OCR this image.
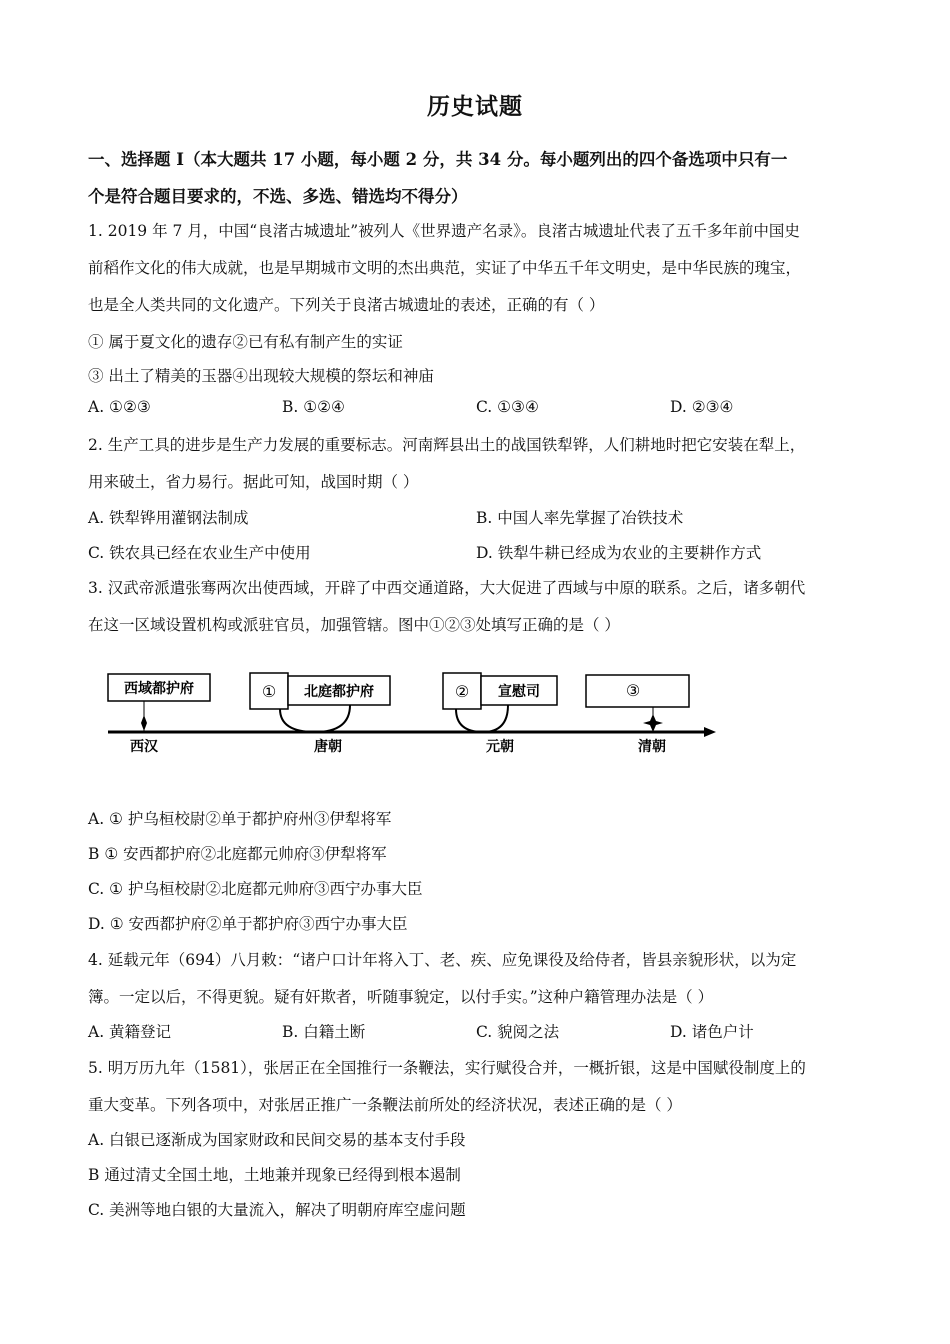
历史试题
一、选择题 I（本大题共 17 小题，每小题 2 分，共 34 分。每小题列出的四个备选项中只有一
个是符合题目要求的，不选、多选、错选均不得分）
1. 2019 年 7 月，中国“良渚古城遗址”被列人《世界遗产名录》。良渚古城遗址代表了五千多年前中国史
前稻作文化的伟大成就，也是早期城市文明的杰出典范，实证了中华五千年文明史，是中华民族的瑰宝，
也是全人类共同的文化遗产。下列关于良渚古城遗址的表述，正确的有（ ）
① 属于夏文化的遗存②已有私有制产生的实证
③ 出土了精美的玉器④出现较大规模的祭坛和神庙
A. ①②③	B. ①②④	C. ①③④	D. ②③④
2. 生产工具的进步是生产力发展的重要标志。河南辉县出土的战国铁犁铧，人们耕地时把它安装在犁上，
用来破土，省力易行。据此可知，战国时期（ ）
A. 铁犁铧用灌钢法制成	B. 中国人率先掌握了冶铁技术
C. 铁农具已经在农业生产中使用	D. 铁犁牛耕已经成为农业的主要耕作方式
3. 汉武帝派遣张骞两次出使西域，开辟了中西交通道路，大大促进了西域与中原的联系。之后，诸多朝代
在这一区域设置机构或派驻官员，加强管辖。图中①②③处填写正确的是（ ）
西域都护府	① 北庭都护府	② 宣慰司	③
西汉	唐朝	元朝	清朝
A. ① 护乌桓校尉②单于都护府州③伊犁将军
B ① 安西都护府②北庭都元帅府③伊犁将军
C. ① 护乌桓校尉②北庭都元帅府③西宁办事大臣
D. ① 安西都护府②单于都护府③西宁办事大臣
4. 延载元年（694）八月敕：“诸户口计年将入丁、老、疾、应免课役及给侍者，皆县亲貌形状，以为定
簿。一定以后，不得更貌。疑有奸欺者，听随事貌定，以付手实。”这种户籍管理办法是（ ）
A. 黄籍登记	B. 白籍土断	C. 貌阅之法	D. 诸色户计
5. 明万历九年（1581），张居正在全国推行一条鞭法，实行赋役合并，一概折银，这是中国赋役制度上的
重大变革。下列各项中，对张居正推广一条鞭法前所处的经济状况，表述正确的是（ ）
A. 白银已逐渐成为国家财政和民间交易的基本支付手段
B 通过清丈全国土地，土地兼并现象已经得到根本遏制
C. 美洲等地白银的大量流入，解决了明朝府库空虚问题
